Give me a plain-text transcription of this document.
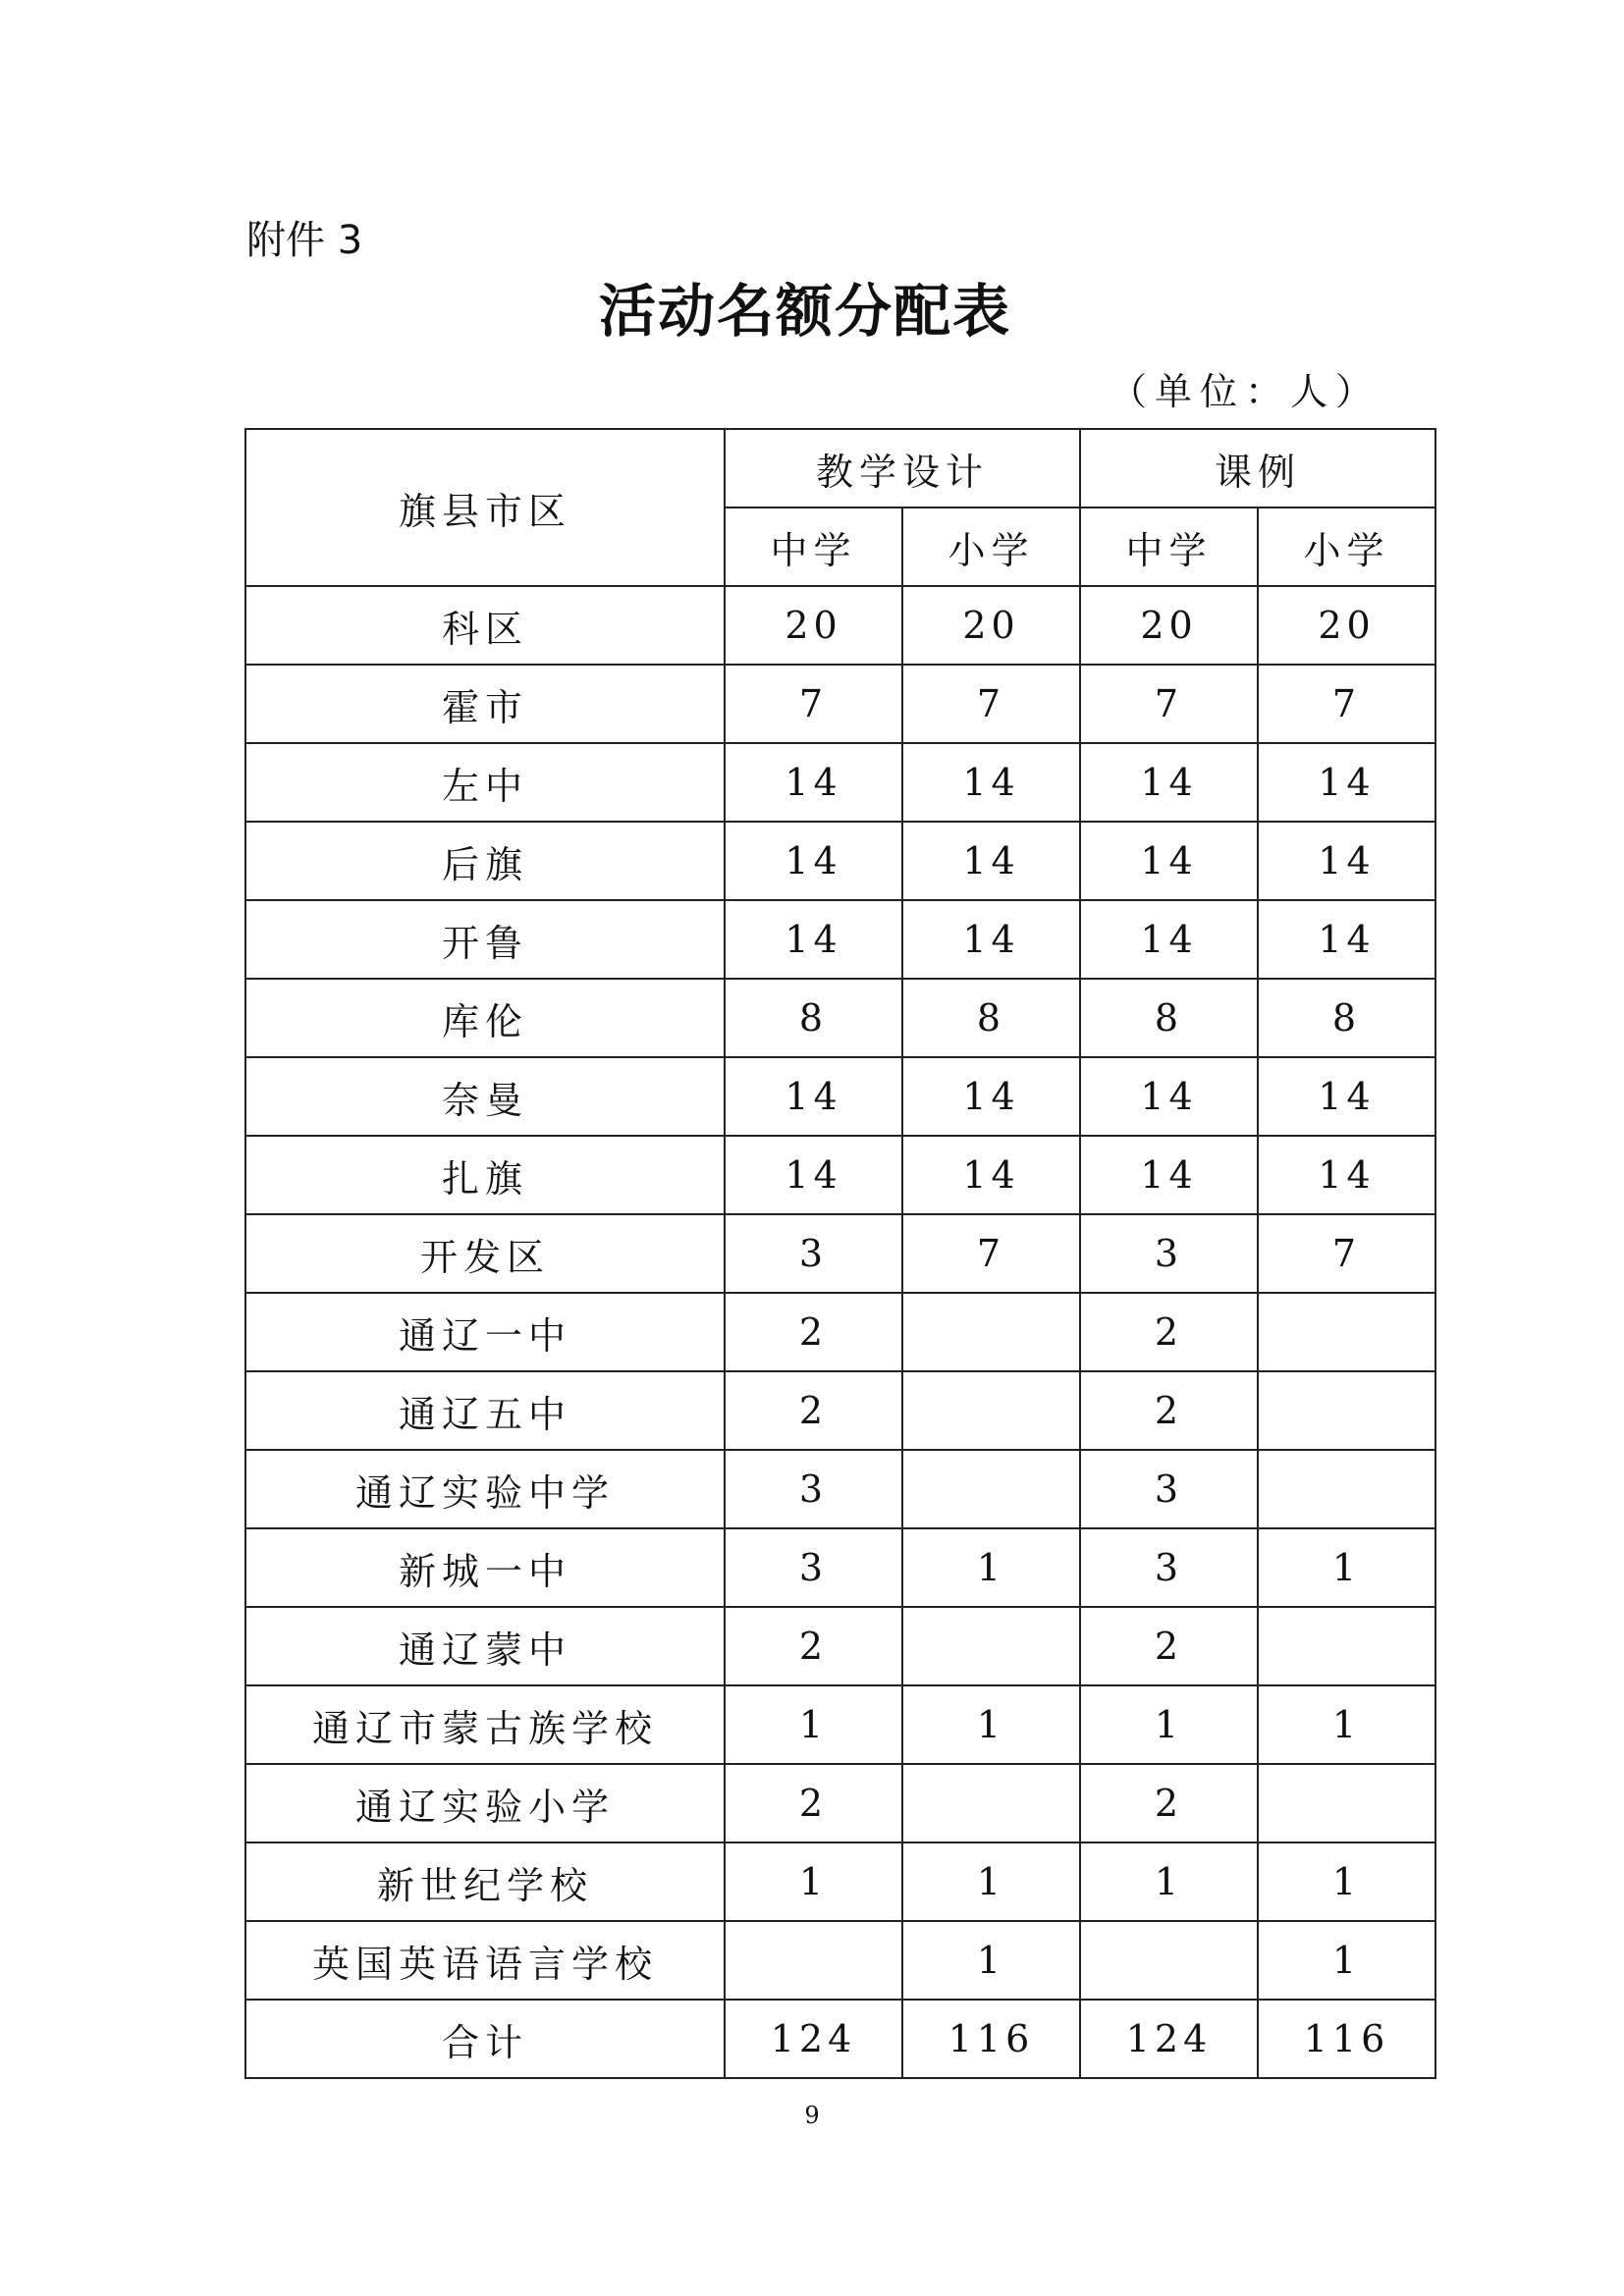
附件 3
活动名额分配表
（单位：人）
旗县市区	教学设计		课例	
	中学	小学	中学	小学
科区	20	20	20	20
霍市	7	7	7	7
左中	14	14	14	14
后旗	14	14	14	14
开鲁	14	14	14	14
库伦	8	8	8	8
奈曼	14	14	14	14
扎旗	14	14	14	14
开发区	3	7	3	7
通辽一中	2		2	
通辽五中	2		2	
通辽实验中学	3		3	
新城一中	3	1	3	1
通辽蒙中	2		2	
通辽市蒙古族学校	1	1	1	1
通辽实验小学	2		2	
新世纪学校	1	1	1	1
英国英语语言学校		1		1
合计	124	116	124	116
9
